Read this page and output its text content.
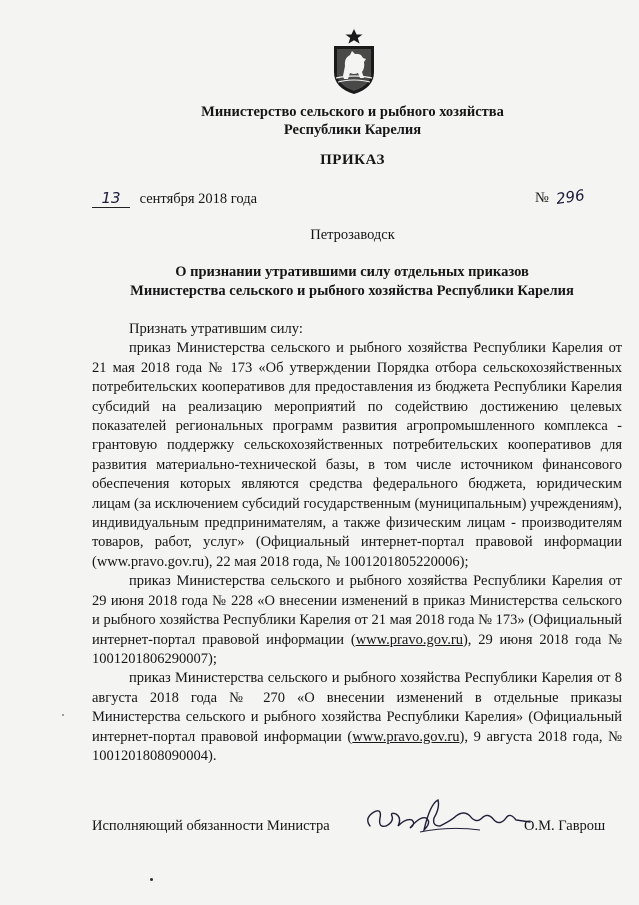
Министерство сельского и рыбного хозяйства
Республики Карелия
ПРИКАЗ
13 сентября 2018 года	№ 296
Петрозаводск
О признании утратившими силу отдельных приказов
Министерства сельского и рыбного хозяйства Республики Карелия

Признать утратившим силу:

приказ Министерства сельского и рыбного хозяйства Республики Карелия от 21 мая 2018 года № 173 «Об утверждении Порядка отбора сельскохозяйственных потребительских кооперативов для предоставления из бюджета Республики Карелия субсидий на реализацию мероприятий по содействию достижению целевых показателей региональных программ развития агропромышленного комплекса - грантовую поддержку сельскохозяйственных потребительских кооперативов для развития материально-технической базы, в том числе источником финансового обеспечения которых являются средства федерального бюджета, юридическим лицам (за исключением субсидий государственным (муниципальным) учреждениям), индивидуальным предпринимателям, а также физическим лицам - производителям товаров, работ, услуг» (Официальный интернет-портал правовой информации (www.pravo.gov.ru), 22 мая 2018 года, № 1001201805220006);

приказ Министерства сельского и рыбного хозяйства Республики Карелия от 29 июня 2018 года № 228 «О внесении изменений в приказ Министерства сельского и рыбного хозяйства Республики Карелия от 21 мая 2018 года № 173» (Официальный интернет-портал правовой информации (www.pravo.gov.ru), 29 июня 2018 года № 1001201806290007);

приказ Министерства сельского и рыбного хозяйства Республики Карелия от 8 августа 2018 года № 270 «О внесении изменений в отдельные приказы Министерства сельского и рыбного хозяйства Республики Карелия» (Официальный интернет-портал правовой информации (www.pravo.gov.ru), 9 августа 2018 года, № 1001201808090004).

Исполняющий обязанности Министра	О.М. Гаврош
